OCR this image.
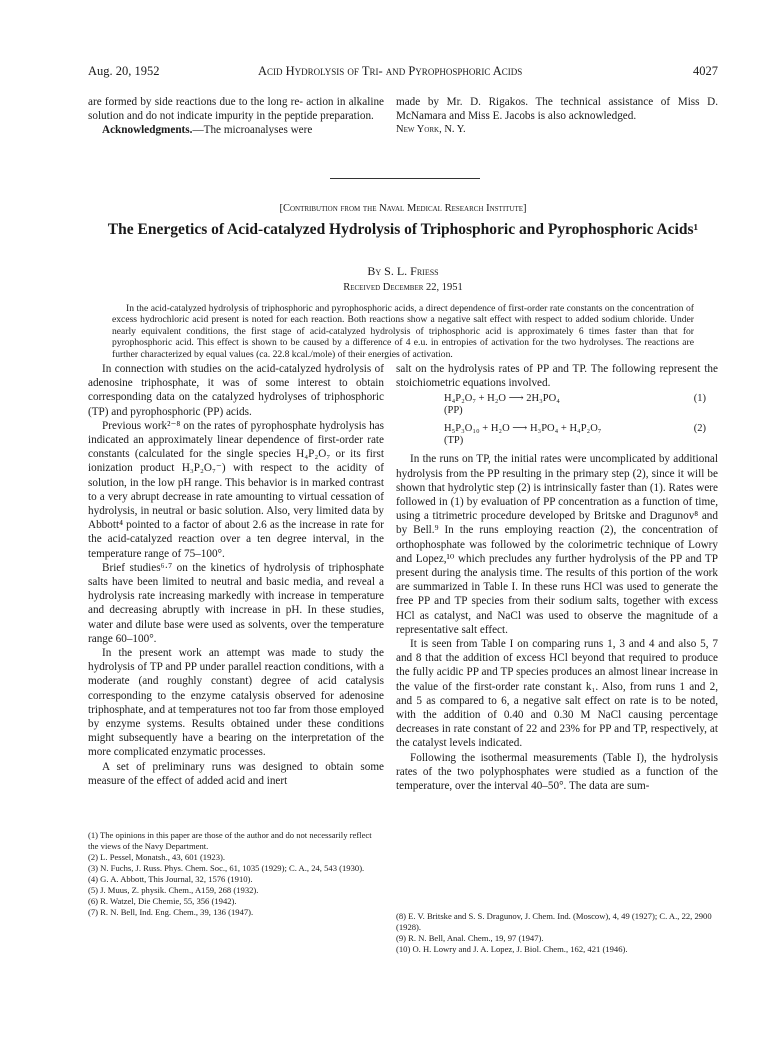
Aug. 20, 1952	Acid Hydrolysis of Tri- and Pyrophosphoric Acids	4027

are formed by side reactions due to the long re- action in alkaline solution and do not indicate impurity in the peptide preparation.

Acknowledgments.—The microanalyses were

made by Mr. D. Rigakos. The technical assistance of Miss D. McNamara and Miss E. Jacobs is also acknowledged.

New York, N. Y.

[Contribution from the Naval Medical Research Institute]
The Energetics of Acid-catalyzed Hydrolysis of Triphosphoric and Pyrophosphoric Acids¹
By S. L. Friess
Received December 22, 1951
In the acid-catalyzed hydrolysis of triphosphoric and pyrophosphoric acids, a direct dependence of first-order rate constants on the concentration of excess hydrochloric acid present is noted for each reaction. Both reactions show a negative salt effect with respect to added sodium chloride. Under nearly equivalent conditions, the first stage of acid-catalyzed hydrolysis of triphosphoric acid is approximately 6 times faster than that for pyrophosphoric acid. This effect is shown to be caused by a difference of 4 e.u. in entropies of activation for the two hydrolyses. The reactions are further characterized by equal values (ca. 22.8 kcal./mole) of their energies of activation.

In connection with studies on the acid-catalyzed hydrolysis of adenosine triphosphate, it was of some interest to obtain corresponding data on the catalyzed hydrolyses of triphosphoric (TP) and pyrophosphoric (PP) acids.

Previous work²⁻⁸ on the rates of pyrophosphate hydrolysis has indicated an approximately linear dependence of first-order rate constants (calculated for the single species H₄P₂O₇ or its first ionization product H₃P₂O₇⁻) with respect to the acidity of solution, in the low pH range. This behavior is in marked contrast to a very abrupt decrease in rate amounting to virtual cessation of hydrolysis, in neutral or basic solution. Also, very limited data by Abbott⁴ pointed to a factor of about 2.6 as the increase in rate for the acid-catalyzed reaction over a ten degree interval, in the temperature range of 75–100°.

Brief studies⁶·⁷ on the kinetics of hydrolysis of triphosphate salts have been limited to neutral and basic media, and reveal a hydrolysis rate increasing markedly with increase in temperature and decreasing abruptly with increase in pH. In these studies, water and dilute base were used as solvents, over the temperature range 60–100°.

In the present work an attempt was made to study the hydrolysis of TP and PP under parallel reaction conditions, with a moderate (and roughly constant) degree of acid catalysis corresponding to the enzyme catalysis observed for adenosine triphosphate, and at temperatures not too far from those employed by enzyme systems. Results obtained under these conditions might subsequently have a bearing on the interpretation of the more complicated enzymatic processes.

A set of preliminary runs was designed to obtain some measure of the effect of added acid and inert

salt on the hydrolysis rates of PP and TP. The following represent the stoichiometric equations involved.

H₄P₂O₇ + H₂O ⟶ 2H₃PO₄
(PP)
(1)
H₅P₃O₁₀ + H₂O ⟶ H₃PO₄ + H₄P₂O₇
(TP)
(2)

In the runs on TP, the initial rates were uncomplicated by additional hydrolysis from the PP resulting in the primary step (2), since it will be shown that hydrolytic step (2) is intrinsically faster than (1). Rates were followed in (1) by evaluation of PP concentration as a function of time, using a titrimetric procedure developed by Britske and Dragunov⁸ and by Bell.⁹ In the runs employing reaction (2), the concentration of orthophosphate was followed by the colorimetric technique of Lowry and Lopez,¹⁰ which precludes any further hydrolysis of the PP and TP present during the analysis time. The results of this portion of the work are summarized in Table I. In these runs HCl was used to generate the free PP and TP species from their sodium salts, together with excess HCl as catalyst, and NaCl was used to observe the magnitude of a representative salt effect.

It is seen from Table I on comparing runs 1, 3 and 4 and also 5, 7 and 8 that the addition of excess HCl beyond that required to produce the fully acidic PP and TP species produces an almost linear increase in the value of the first-order rate constant k₁. Also, from runs 1 and 2, and 5 as compared to 6, a negative salt effect on rate is to be noted, with the addition of 0.40 and 0.30 M NaCl causing percentage decreases in rate constant of 22 and 23% for PP and TP, respectively, at the catalyst levels indicated.

Following the isothermal measurements (Table I), the hydrolysis rates of the two polyphosphates were studied as a function of the temperature, over the interval 40–50°. The data are sum-

(1) The opinions in this paper are those of the author and do not necessarily reflect the views of the Navy Department.

(2) L. Pessel, Monatsh., 43, 601 (1923).

(3) N. Fuchs, J. Russ. Phys. Chem. Soc., 61, 1035 (1929); C. A., 24, 543 (1930).

(4) G. A. Abbott, This Journal, 32, 1576 (1910).

(5) J. Muus, Z. physik. Chem., A159, 268 (1932).

(6) R. Watzel, Die Chemie, 55, 356 (1942).

(7) R. N. Bell, Ind. Eng. Chem., 39, 136 (1947).	(8) E. V. Britske and S. S. Dragunov, J. Chem. Ind. (Moscow), 4, 49 (1927); C. A., 22, 2900 (1928).

(9) R. N. Bell, Anal. Chem., 19, 97 (1947).

(10) O. H. Lowry and J. A. Lopez, J. Biol. Chem., 162, 421 (1946).
